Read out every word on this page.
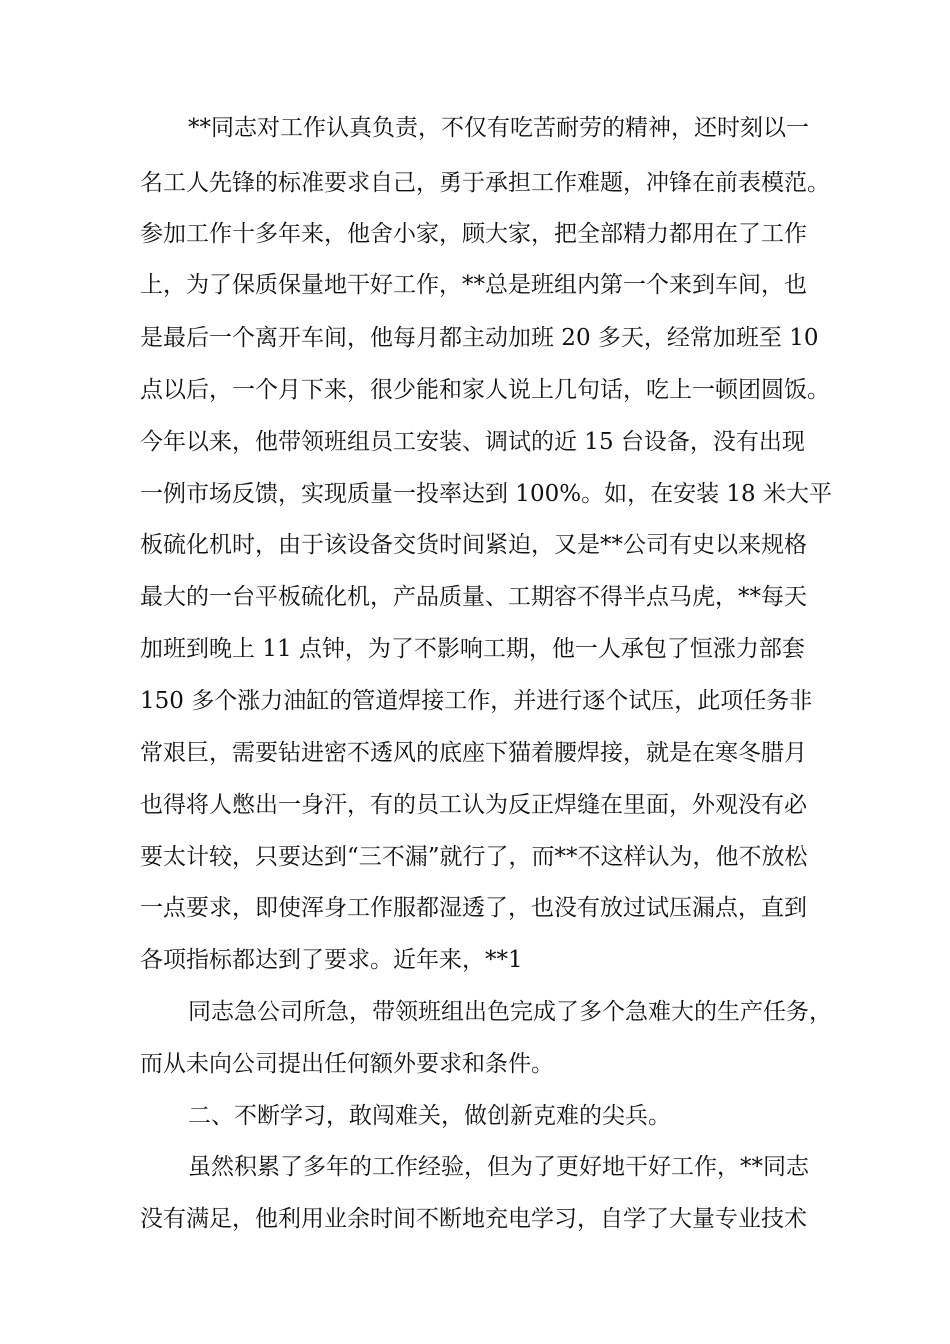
**同志对工作认真负责，不仅有吃苦耐劳的精神，还时刻以一
名工人先锋的标准要求自己，勇于承担工作难题，冲锋在前表模范。
参加工作十多年来，他舍小家，顾大家，把全部精力都用在了工作
上，为了保质保量地干好工作，**总是班组内第一个来到车间，也
是最后一个离开车间，他每月都主动加班 20 多天，经常加班至 10
点以后，一个月下来，很少能和家人说上几句话，吃上一顿团圆饭。
今年以来，他带领班组员工安装、调试的近 15 台设备，没有出现
一例市场反馈，实现质量一投率达到 100%。如，在安装 18 米大平
板硫化机时，由于该设备交货时间紧迫，又是**公司有史以来规格
最大的一台平板硫化机，产品质量、工期容不得半点马虎，**每天
加班到晚上 11 点钟，为了不影响工期，他一人承包了恒涨力部套
150 多个涨力油缸的管道焊接工作，并进行逐个试压，此项任务非
常艰巨，需要钻进密不透风的底座下猫着腰焊接，就是在寒冬腊月
也得将人憋出一身汗，有的员工认为反正焊缝在里面，外观没有必
要太计较，只要达到“三不漏”就行了，而**不这样认为，他不放松
一点要求，即使浑身工作服都湿透了，也没有放过试压漏点，直到
各项指标都达到了要求。近年来，**1
同志急公司所急，带领班组出色完成了多个急难大的生产任务，
而从未向公司提出任何额外要求和条件。
二、不断学习，敢闯难关，做创新克难的尖兵。
虽然积累了多年的工作经验，但为了更好地干好工作，**同志
没有满足，他利用业余时间不断地充电学习，自学了大量专业技术
